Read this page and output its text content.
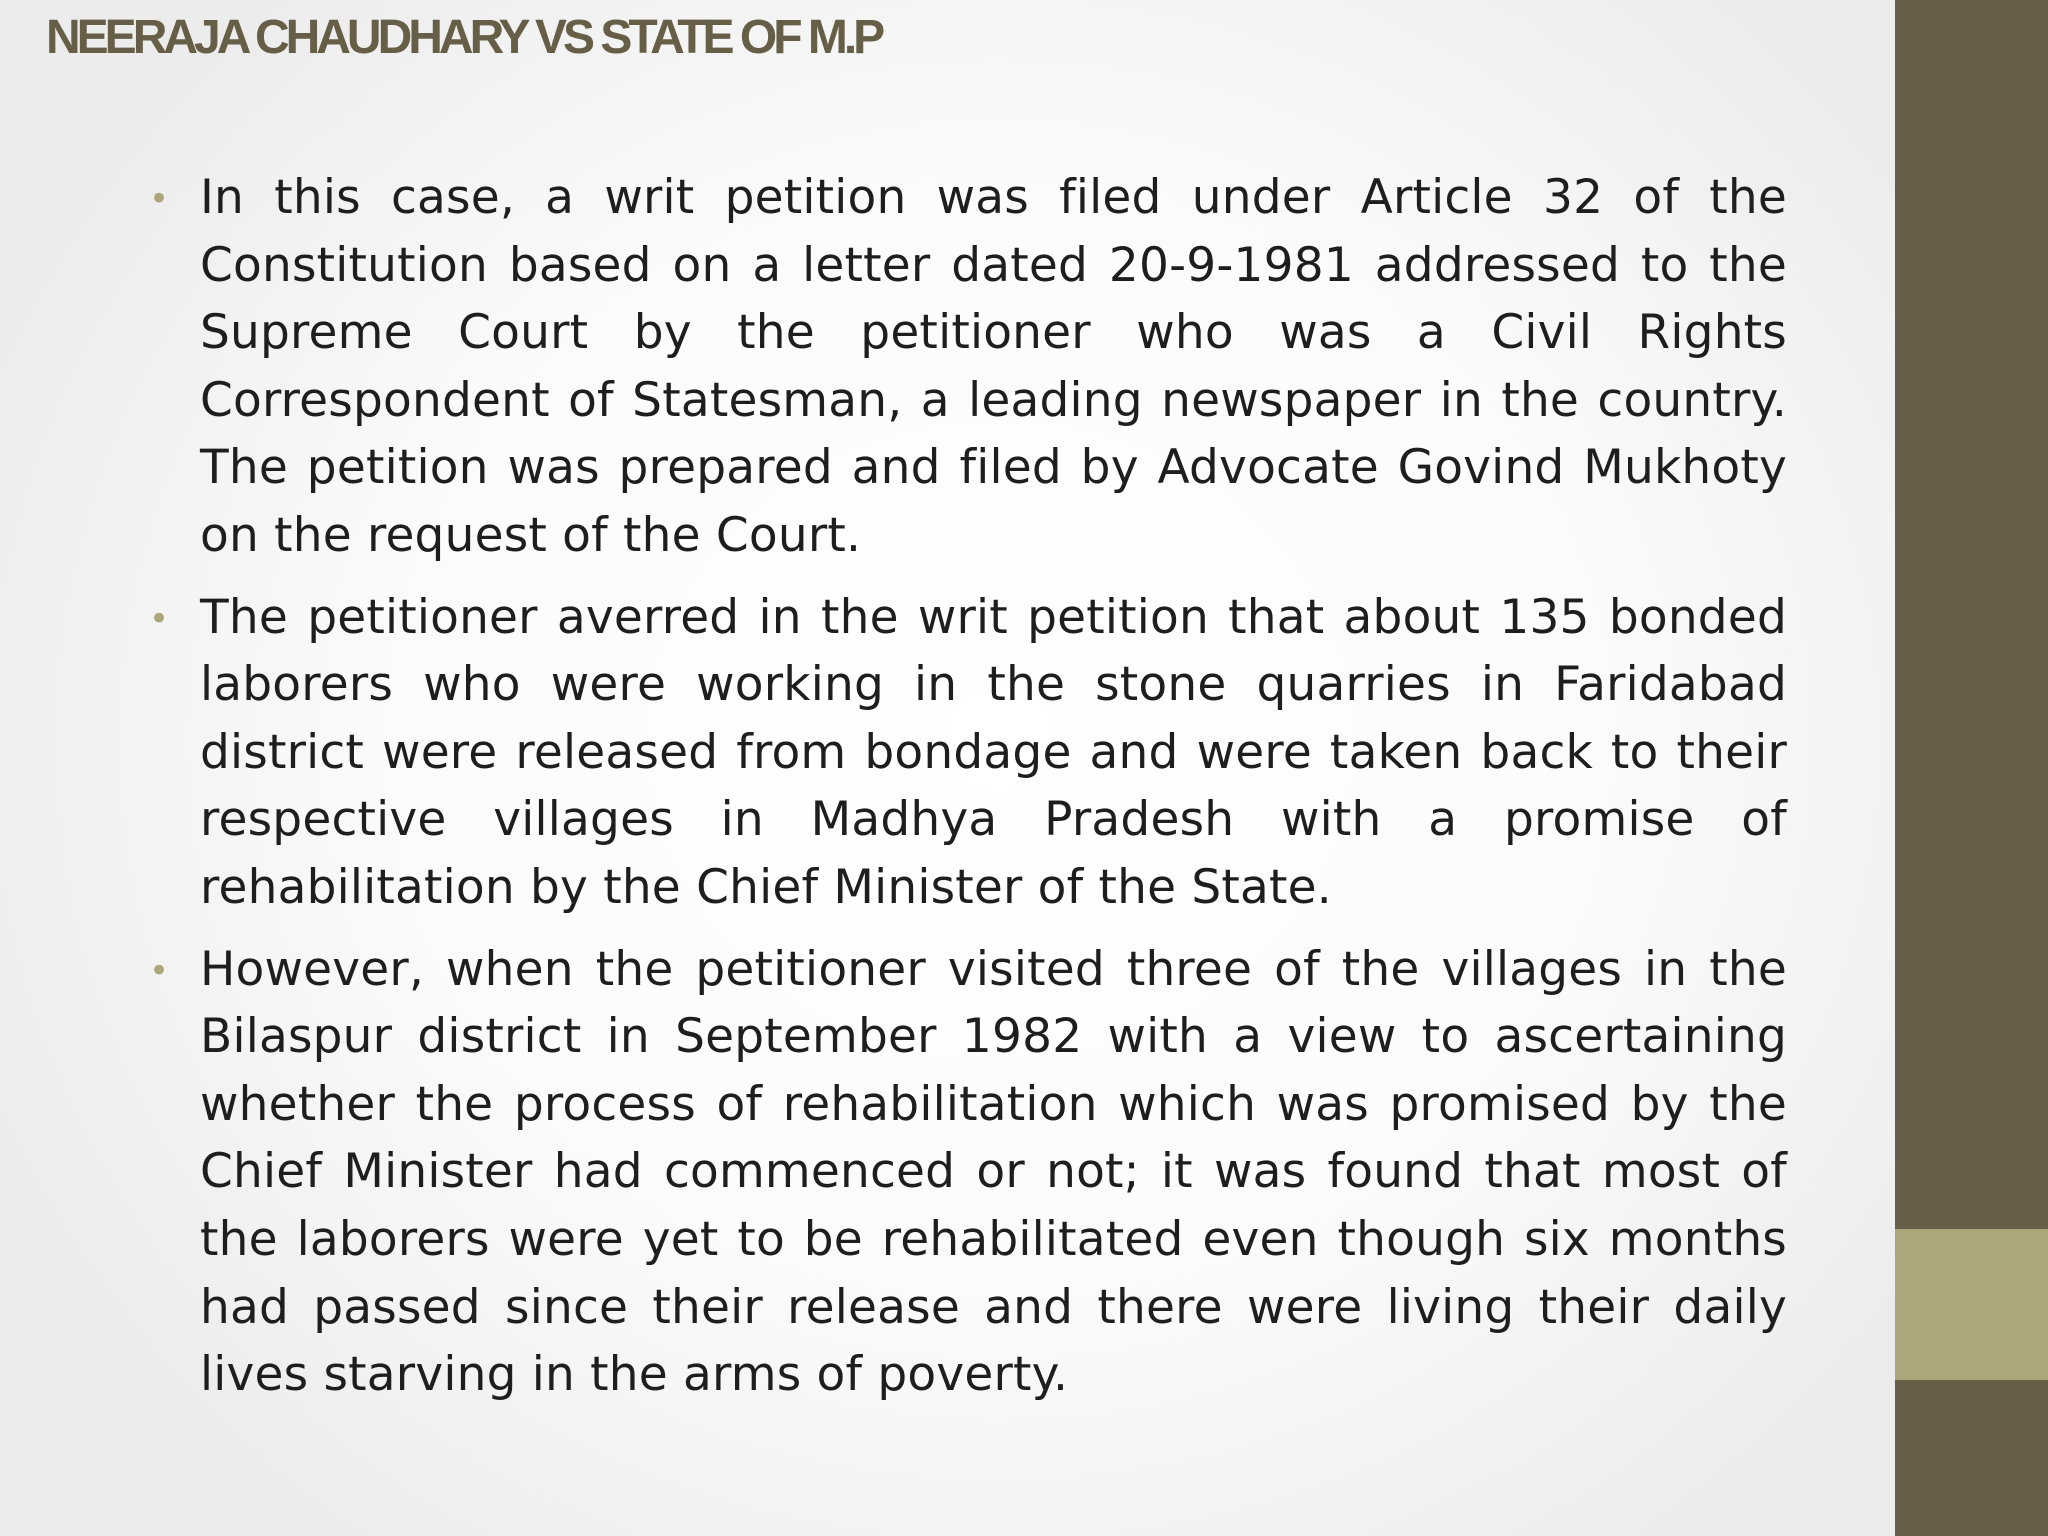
NEERAJA CHAUDHARY VS STATE OF M.P
• In this case, a writ petition was filed under Article 32 of the Constitution based on a letter dated 20-9-1981 addressed to the Supreme Court by the petitioner who was a Civil Rights Correspondent of Statesman, a leading newspaper in the country. The petition was prepared and filed by Advocate Govind Mukhoty on the request of the Court.
• The petitioner averred in the writ petition that about 135 bonded laborers who were working in the stone quarries in Faridabad district were released from bondage and were taken back to their respective villages in Madhya Pradesh with a promise of rehabilitation by the Chief Minister of the State.
• However, when the petitioner visited three of the villages in the Bilaspur district in September 1982 with a view to ascertaining whether the process of rehabilitation which was promised by the Chief Minister had commenced or not; it was found that most of the laborers were yet to be rehabilitated even though six months had passed since their release and there were living their daily lives starving in the arms of poverty.
